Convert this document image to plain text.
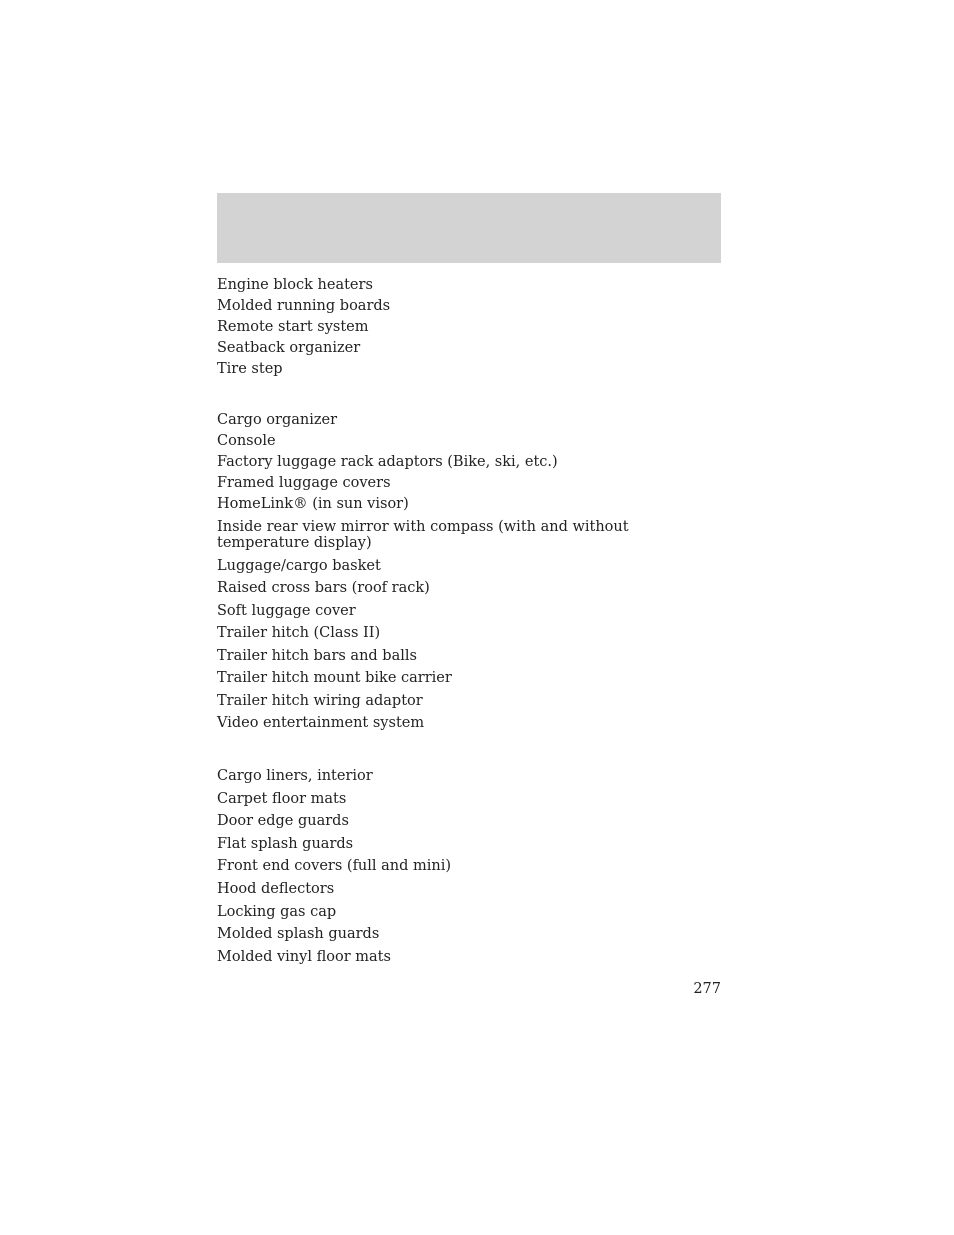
Engine block heaters
Molded running boards
Remote start system
Seatback organizer
Tire step
Cargo organizer
Console
Factory luggage rack adaptors (Bike, ski, etc.)
Framed luggage covers
HomeLink® (in sun visor)
Inside rear view mirror with compass (with and without temperature display)
Luggage/cargo basket
Raised cross bars (roof rack)
Soft luggage cover
Trailer hitch (Class II)
Trailer hitch bars and balls
Trailer hitch mount bike carrier
Trailer hitch wiring adaptor
Video entertainment system
Cargo liners, interior
Carpet floor mats
Door edge guards
Flat splash guards
Front end covers (full and mini)
Hood deflectors
Locking gas cap
Molded splash guards
Molded vinyl floor mats
277
